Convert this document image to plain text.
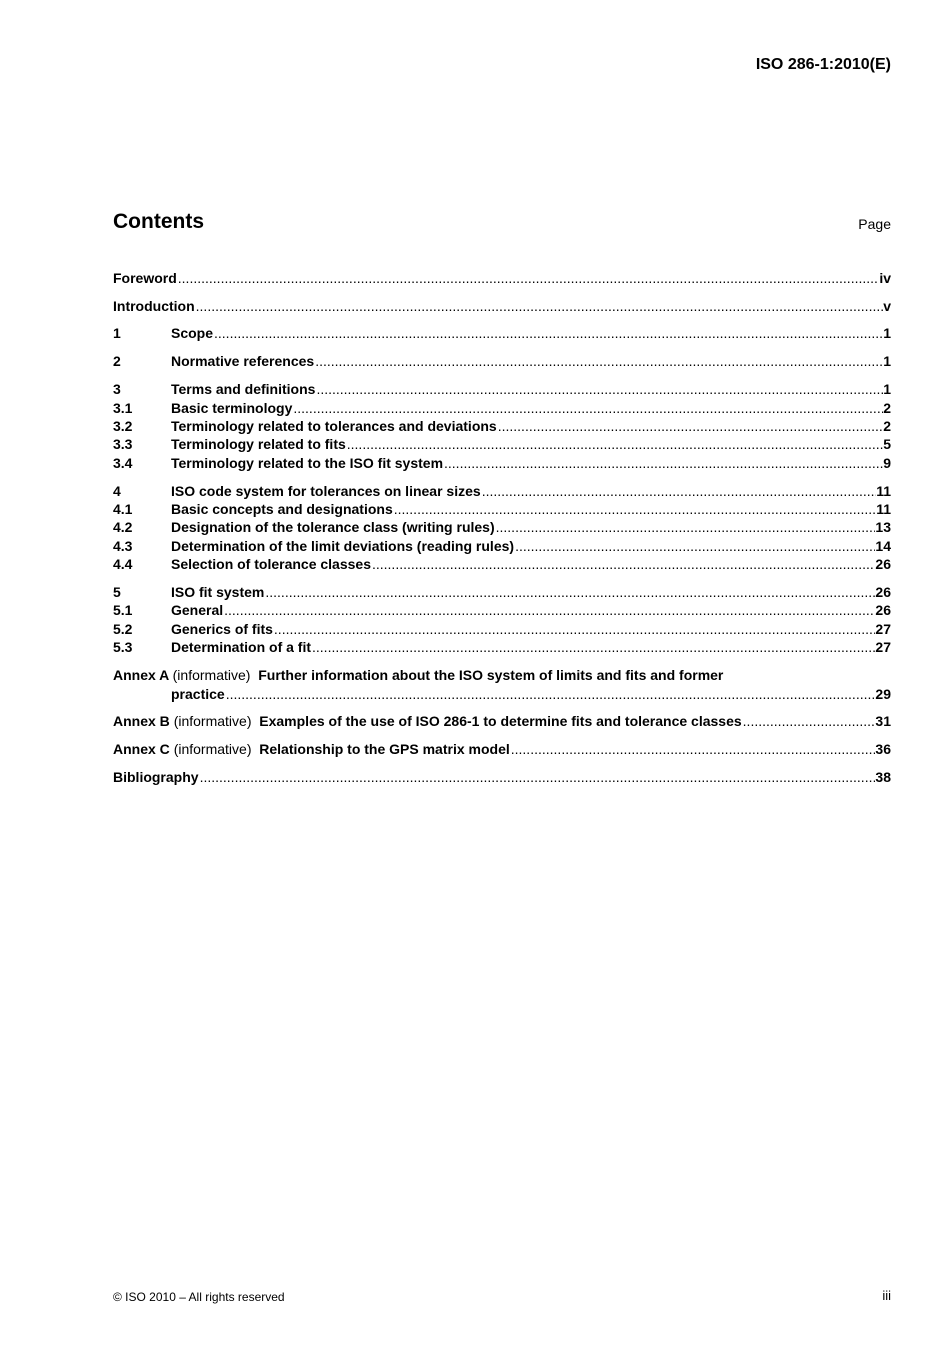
ISO 286-1:2010(E)
Contents	Page
Foreword .....	iv
Introduction .....	v
1	Scope .....	1
2	Normative references .....	1
3	Terms and definitions .....	1
3.1	Basic terminology .....	2
3.2	Terminology related to tolerances and deviations .....	2
3.3	Terminology related to fits .....	5
3.4	Terminology related to the ISO fit system .....	9
4	ISO code system for tolerances on linear sizes .....	11
4.1	Basic concepts and designations .....	11
4.2	Designation of the tolerance class (writing rules) .....	13
4.3	Determination of the limit deviations (reading rules) .....	14
4.4	Selection of tolerance classes .....	26
5	ISO fit system .....	26
5.1	General .....	26
5.2	Generics of fits .....	27
5.3	Determination of a fit .....	27
Annex A (informative) Further information about the ISO system of limits and fits and former
practice .....	29
Annex B (informative) Examples of the use of ISO 286-1 to determine fits and tolerance classes .....	31
Annex C (informative) Relationship to the GPS matrix model .....	36
Bibliography .....	38
© ISO 2010 – All rights reserved	iii
